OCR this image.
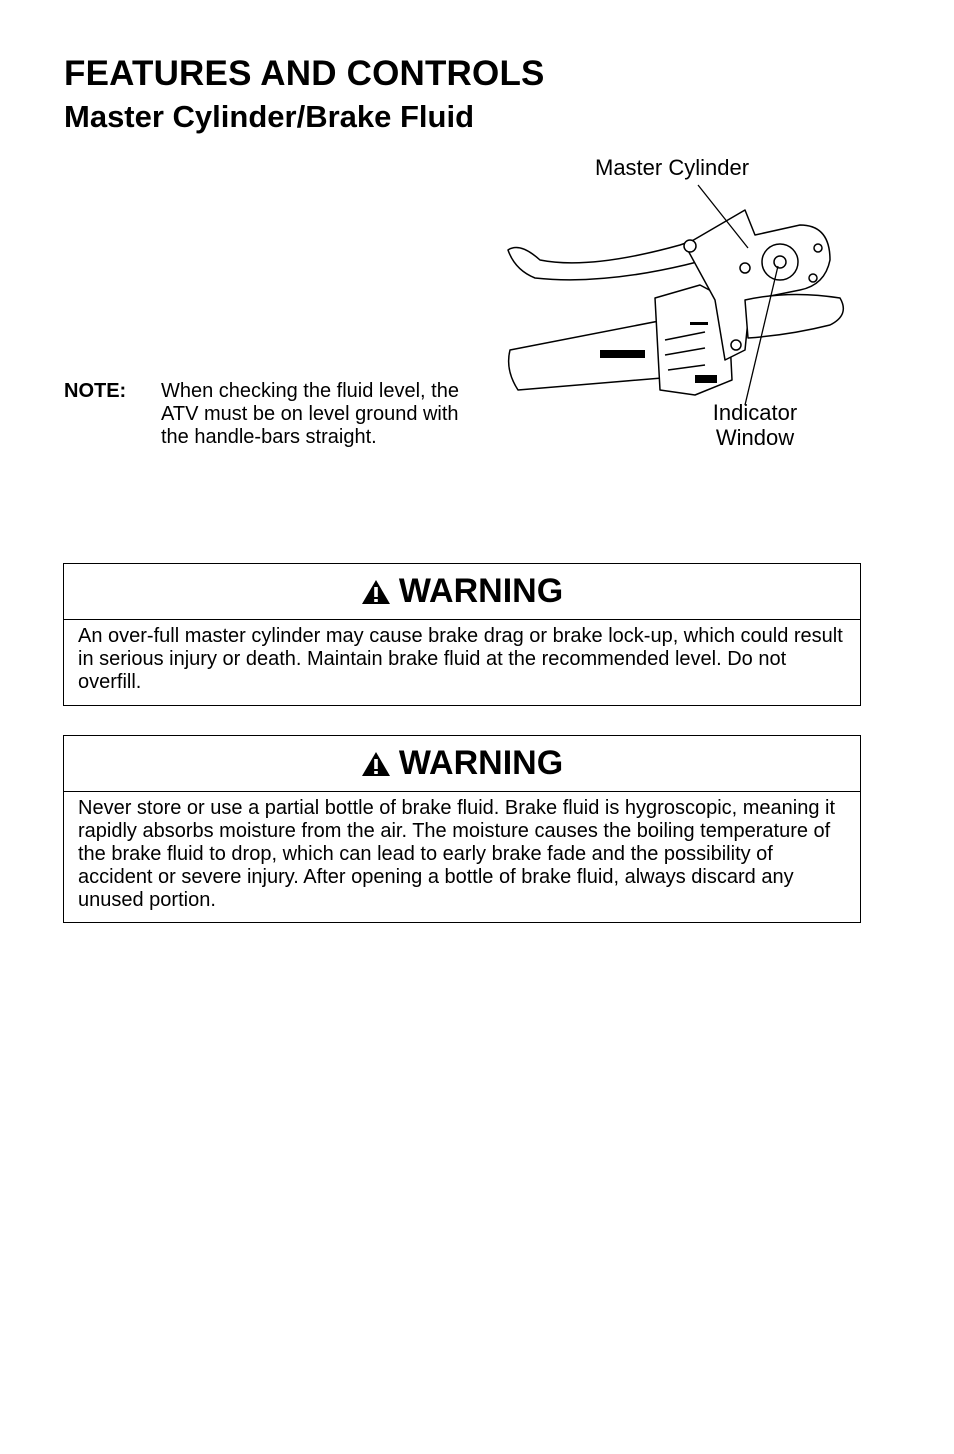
FEATURES AND CONTROLS
Master Cylinder/Brake Fluid
Master Cylinder
Indicator
Window
NOTE: When checking the fluid level, the ATV must be on level ground with the handle-bars straight.
WARNING
An over-full master cylinder may cause brake drag or brake lock-up, which could result in serious injury or death. Maintain brake fluid at the recommended level. Do not overfill.
WARNING
Never store or use a partial bottle of brake fluid. Brake fluid is hygroscopic, meaning it rapidly absorbs moisture from the air. The moisture causes the boiling temperature of the brake fluid to drop, which can lead to early brake fade and the possibility of accident or severe injury. After opening a bottle of brake fluid, always discard any unused portion.
